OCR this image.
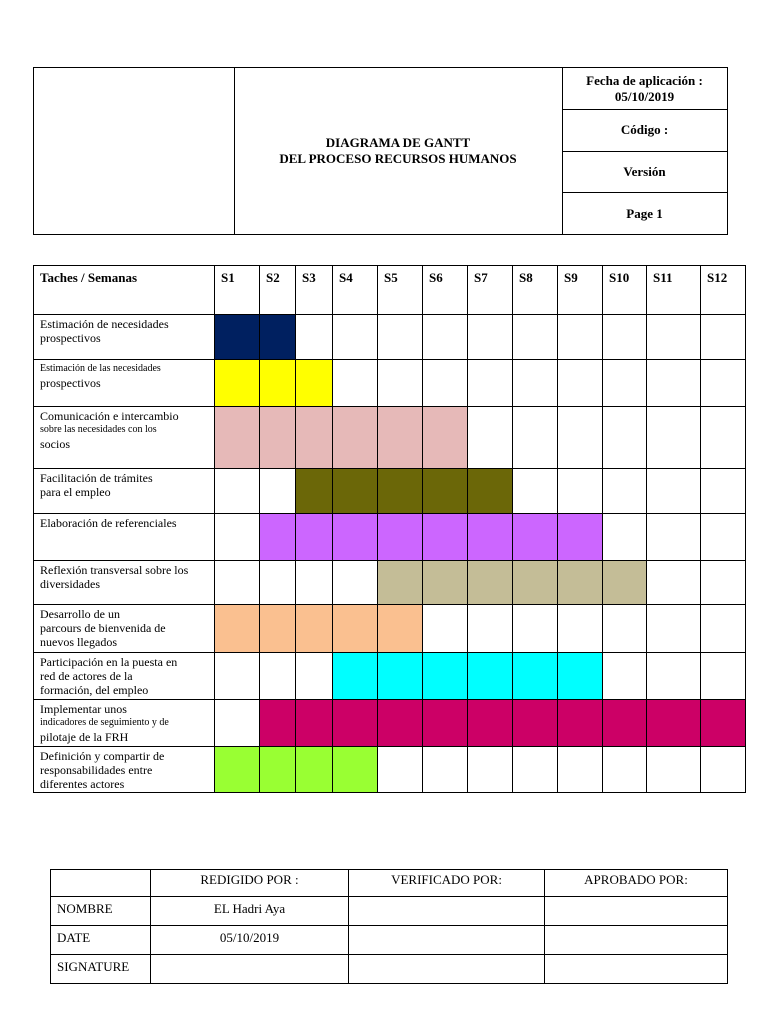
DIAGRAMA DE GANTT
DEL PROCESO RECURSOS HUMANOS
Fecha de aplicación :
05/10/2019
Código :
Versión
Page 1
Taches / Semanas	S1	S2	S3	S4	S5	S6	S7	S8	S9	S10	S11	S12

Estimación de necesidades
prospectivos												

Estimación de las necesidades
prospectivos												

Comunicación e intercambio
sobre las necesidades con los
socios												

Facilitación de trámites
para el empleo												

Elaboración de referenciales												

Reflexión transversal sobre los
diversidades												

Desarrollo de un
parcours de bienvenida de
nuevos llegados												

Participación en la puesta en
red de actores de la
formación, del empleo												

Implementar unos
indicadores de seguimiento y de
pilotaje de la FRH												

Definición y compartir de
responsabilidades entre
diferentes actores												

	REDIGIDO POR :	VERIFICADO POR:	APROBADO POR:
NOMBRE	EL Hadri Aya		
DATE	05/10/2019		
SIGNATURE			
